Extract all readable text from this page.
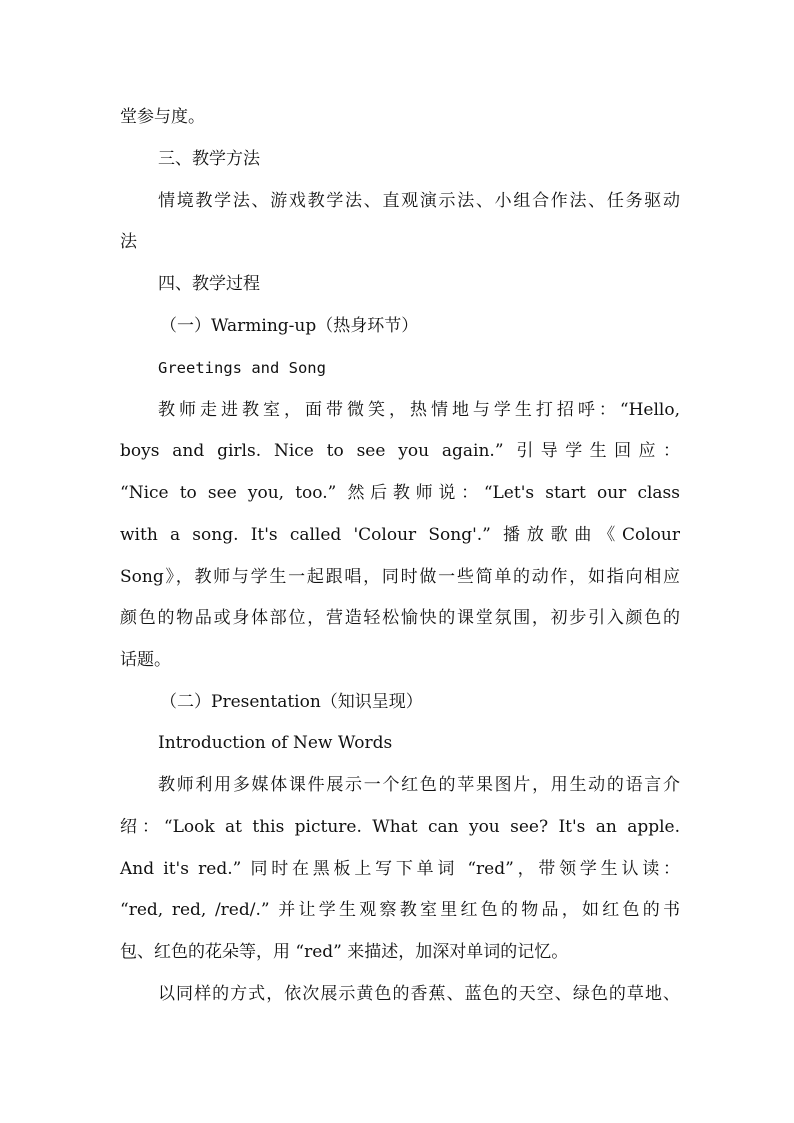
堂参与度。

三、教学方法

情境教学法、游戏教学法、直观演示法、小组合作法、任务驱动

法

四、教学过程

（一）Warming-up（热身环节）

Greetings and Song

教师走进教室，面带微笑，热情地与学生打招呼：“Hello,

boys and girls. Nice to see you again.” 引导学生回应：

“Nice to see you, too.” 然后教师说：“Let's start our class

with a song. It's called 'Colour Song'.” 播放歌曲《Colour

Song》，教师与学生一起跟唱，同时做一些简单的动作，如指向相应

颜色的物品或身体部位，营造轻松愉快的课堂氛围，初步引入颜色的

话题。

（二）Presentation（知识呈现）

Introduction of New Words

教师利用多媒体课件展示一个红色的苹果图片，用生动的语言介

绍：“Look at this picture. What can you see? It's an apple.

And it's red.” 同时在黑板上写下单词 “red”，带领学生认读：

“red, red, /red/.” 并让学生观察教室里红色的物品，如红色的书

包、红色的花朵等，用 “red” 来描述，加深对单词的记忆。

以同样的方式，依次展示黄色的香蕉、蓝色的天空、绿色的草地、
